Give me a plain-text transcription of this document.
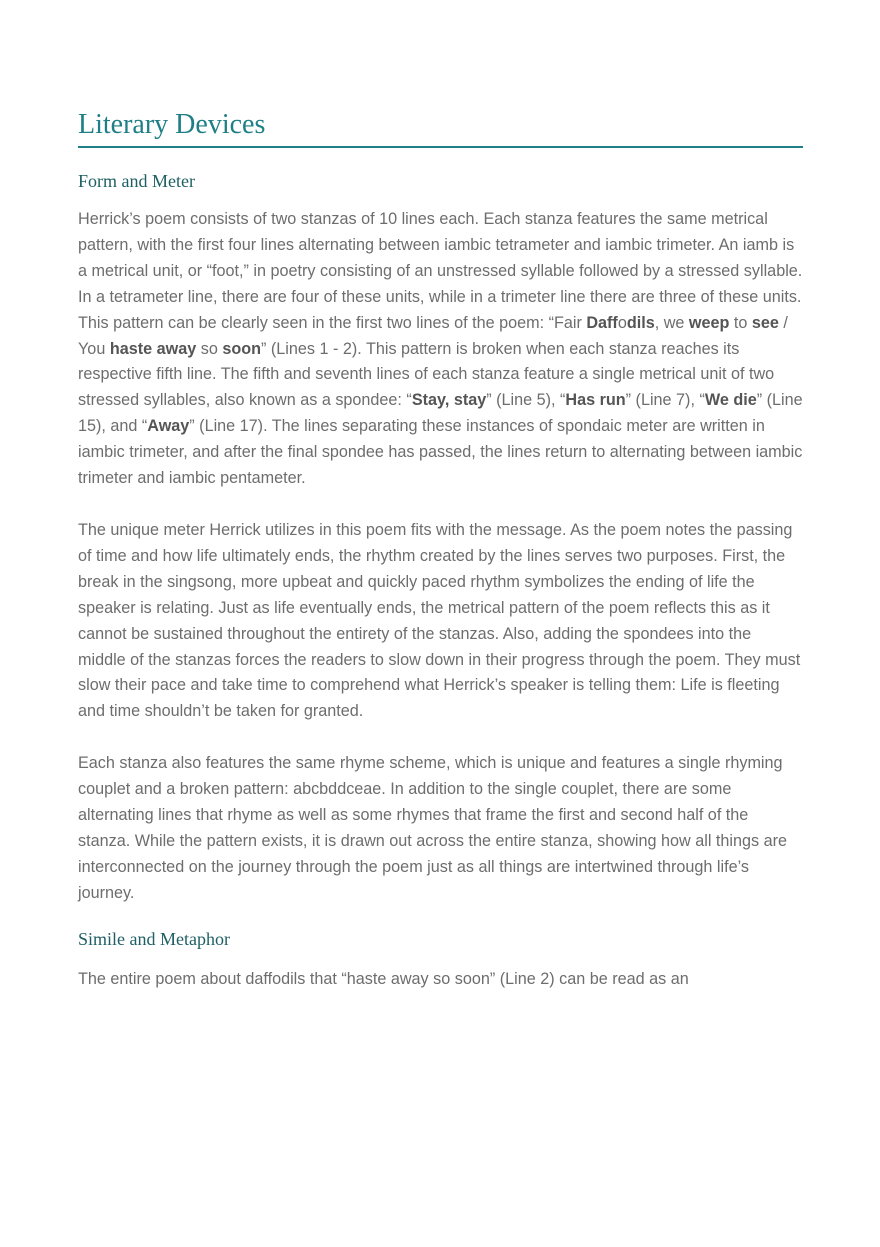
Literary Devices
Form and Meter

Herrick’s poem consists of two stanzas of 10 lines each. Each stanza features the same metrical pattern, with the first four lines alternating between iambic tetrameter and iambic trimeter. An iamb is a metrical unit, or “foot,” in poetry consisting of an unstressed syllable followed by a stressed syllable. In a tetrameter line, there are four of these units, while in a trimeter line there are three of these units. This pattern can be clearly seen in the first two lines of the poem: “Fair Daffodils, we weep to see / You haste away so soon” (Lines 1 - 2). This pattern is broken when each stanza reaches its respective fifth line. The fifth and seventh lines of each stanza feature a single metrical unit of two stressed syllables, also known as a spondee: “Stay, stay” (Line 5), “Has run” (Line 7), “We die” (Line 15), and “Away” (Line 17). The lines separating these instances of spondaic meter are written in iambic trimeter, and after the final spondee has passed, the lines return to alternating between iambic trimeter and iambic pentameter.

The unique meter Herrick utilizes in this poem fits with the message. As the poem notes the passing of time and how life ultimately ends, the rhythm created by the lines serves two purposes. First, the break in the singsong, more upbeat and quickly paced rhythm symbolizes the ending of life the speaker is relating. Just as life eventually ends, the metrical pattern of the poem reflects this as it cannot be sustained throughout the entirety of the stanzas. Also, adding the spondees into the middle of the stanzas forces the readers to slow down in their progress through the poem. They must slow their pace and take time to comprehend what Herrick’s speaker is telling them: Life is fleeting and time shouldn’t be taken for granted.

Each stanza also features the same rhyme scheme, which is unique and features a single rhyming couplet and a broken pattern: abcbddceae. In addition to the single couplet, there are some alternating lines that rhyme as well as some rhymes that frame the first and second half of the stanza. While the pattern exists, it is drawn out across the entire stanza, showing how all things are interconnected on the journey through the poem just as all things are intertwined through life’s journey.

Simile and Metaphor

The entire poem about daffodils that “haste away so soon” (Line 2) can be read as an
